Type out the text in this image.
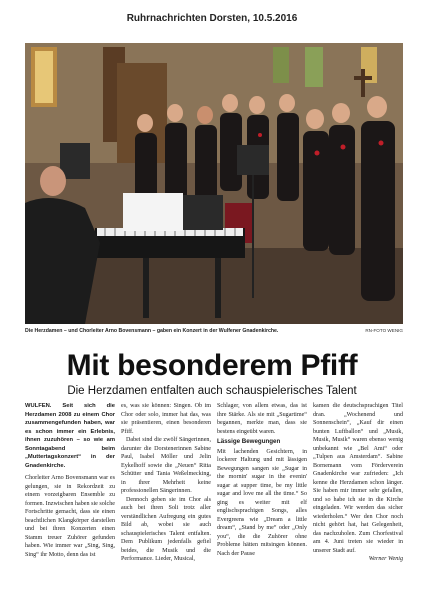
Ruhrnachrichten Dorsten, 10.5.2016
Die Herzdamen – und Chorleiter Arno Bovensmann – gaben ein Konzert in der Wulfener Gnadenkirche.	RN-FOTO WENIG
Mit besonderem Pfiff
Die Herzdamen entfalten auch schauspielerisches Talent

WULFEN. Seit sich die Herzdamen 2008 zu einem Chor zusammengefunden haben, war es schon immer ein Erlebnis, ihnen zuzuhören – so wie am Sonntagabend beim „Muttertagskonzert“ in der Gnadenkirche.

Chorleiter Arno Bovensmann war es gelungen, sie in Rekordzeit zu einem vorzeigbaren Ensemble zu formen. Inzwischen haben sie solche Fortschritte gemacht, dass sie einen beachtlichen Klangkörper darstellen und bei ihren Konzerten einen Stamm treuer Zuhörer gefunden haben. Wie immer war „Sing, Sing, Sing“ ihr Motto, denn das ist

es, was sie können: Singen. Ob im Chor oder solo, immer hat das, was sie präsentieren, einen besonderen Pfiff.

Dabei sind die zwölf Sängerinnen, darunter die Dorstenerinnen Sabine Paul, Isabel Möller und Jelin Eykelhoff sowie die „Neuen“ Ritta Schütter und Tania Weßelmecking, in ihrer Mehrheit keine professionellen Sängerinnen.

Dennoch geben sie im Chor als auch bei ihren Soli trotz aller verständlichen Aufregung ein gutes Bild ab, wobei sie auch schauspielerisches Talent entfalten. Dem Publikum jedenfalls gefiel beides, die Musik und die Performance. Lieder, Musical,

Schlager, von allem etwas, das ist ihre Stärke. Als sie mit „Sugartime“ begannen, merkte man, dass sie bestens eingeübt waren.

Lässige Bewegungen

Mit lachenden Gesichtern, in lockerer Haltung und mit lässigen Bewegungen sangen sie „Sugar in the mornin' sugar in the evenin' sugar at supper time, be my little sugar and love me all the time.“ So ging es weiter mit elf englischsprachigen Songs, alles Evergreens wie „Dream a little dream“, „Stand by me“ oder „Only you“, die die Zuhörer ohne Probleme hätten mitsingen können. Nach der Pause

kamen die deutschsprachigen Titel dran. „Wochenend und Sonnenschein“, „Kauf dir einen bunten Luftballon“ und „Musik, Musik, Musik“ waren ebenso wenig unbekannt wie „Bel Ami“ oder „Tulpen aus Amsterdam“. Sabine Bornemann vom Förderverein Gnadenkirche war zufrieden: „Ich kenne die Herzdamen schon länger. Sie haben mir immer sehr gefallen, und so habe ich sie in die Kirche eingeladen. Wir werden das sicher wiederholen.“ Wer den Chor noch nicht gehört hat, hat Gelegenheit, das nachzuholen. Zum Chorfestival am 4. Juni treten sie wieder in unserer Stadt auf.

Werner Wenig
